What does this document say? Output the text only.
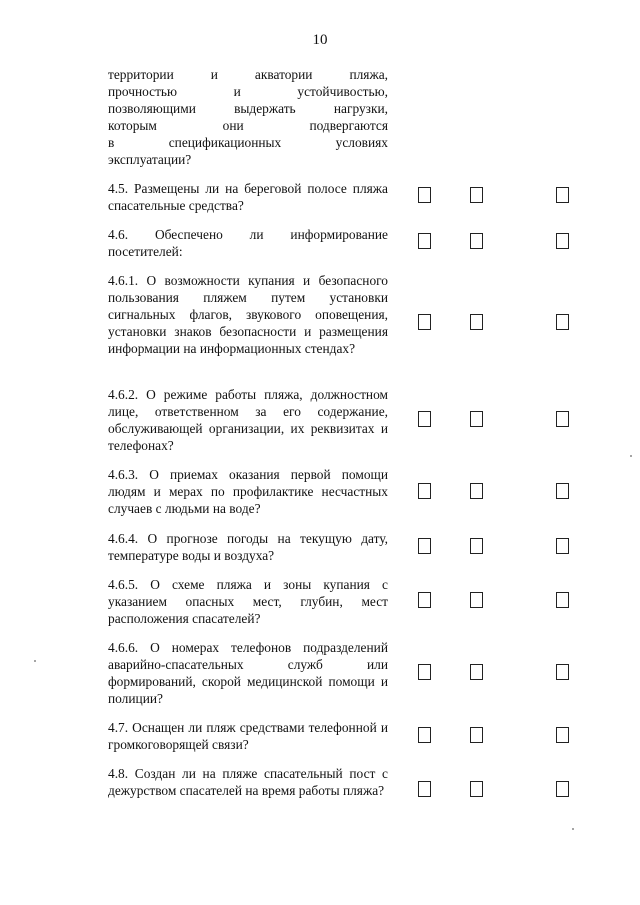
10
территории и акватории пляжа,
прочностью и устойчивостью,
позволяющими выдержать нагрузки,
которым они подвергаются
в спецификационных условиях
эксплуатации?
4.5. Размещены ли на береговой полосе пляжа спасательные средства?
4.6. Обеспечено ли информирование посетителей:
4.6.1. О возможности купания и безопасного пользования пляжем путем установки сигнальных флагов, звукового оповещения, установки знаков безопасности и размещения информации на информационных стендах?
4.6.2. О режиме работы пляжа, должностном лице, ответственном за его содержание, обслуживающей организации, их реквизитах и телефонах?
4.6.3. О приемах оказания первой помощи людям и мерах по профилактике несчастных случаев с людьми на воде?
4.6.4. О прогнозе погоды на текущую дату, температуре воды и воздуха?
4.6.5. О схеме пляжа и зоны купания с указанием опасных мест, глубин, мест расположения спасателей?
4.6.6. О номерах телефонов подразделений аварийно-спасательных служб или формирований, скорой медицинской помощи и полиции?
4.7. Оснащен ли пляж средствами телефонной и громкоговорящей связи?
4.8. Создан ли на пляже спасательный пост с дежурством спасателей на время работы пляжа?
